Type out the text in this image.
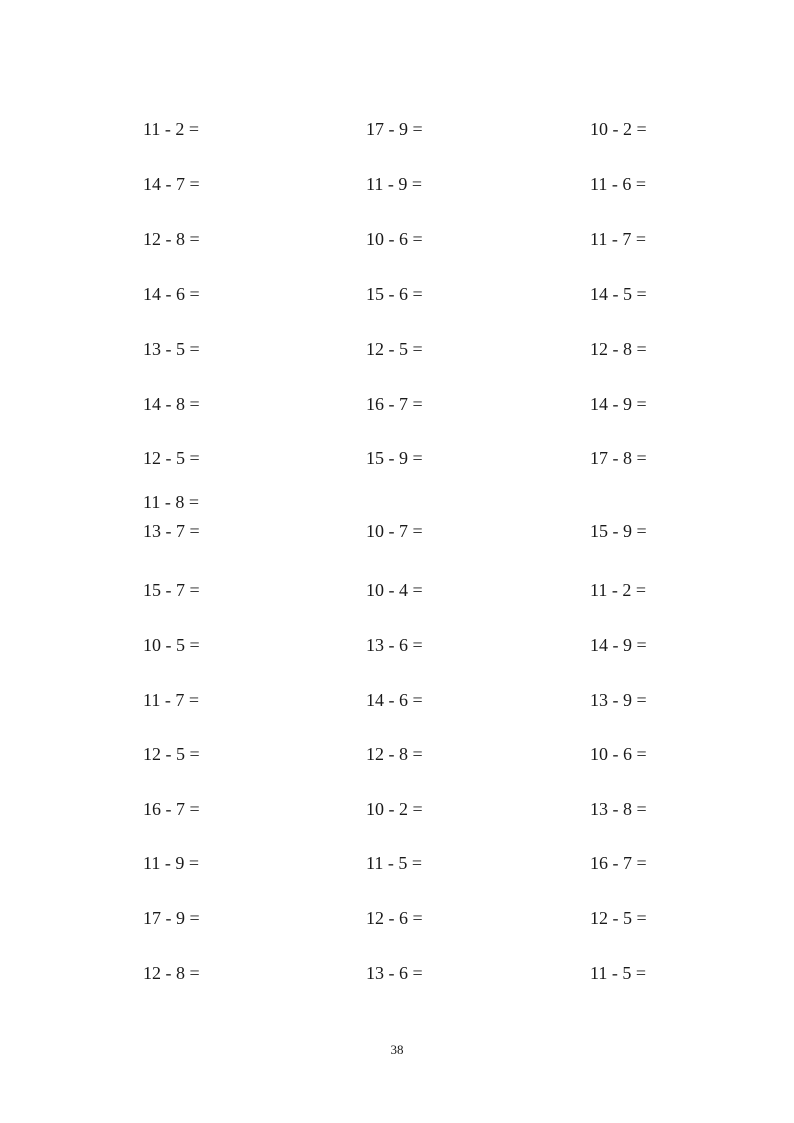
11 - 2 =	17 - 9 =	10 - 2 =
14 - 7 =	11 - 9 =	11 - 6 =
12 - 8 =	10 - 6 =	11 - 7 =
14 - 6 =	15 - 6 =	14 - 5 =
13 - 5 =	12 - 5 =	12 - 8 =
14 - 8 =	16 - 7 =	14 - 9 =
12 - 5 =	15 - 9 =	17 - 8 =
11 - 8 =
13 - 7 =	10 - 7 =	15 - 9 =
15 - 7 =	10 - 4 =	11 - 2 =
10 - 5 =	13 - 6 =	14 - 9 =
11 - 7 =	14 - 6 =	13 - 9 =
12 - 5 =	12 - 8 =	10 - 6 =
16 - 7 =	10 - 2 =	13 - 8 =
11 - 9 =	11 - 5 =	16 - 7 =
17 - 9 =	12 - 6 =	12 - 5 =
12 - 8 =	13 - 6 =	11 - 5 =
38
